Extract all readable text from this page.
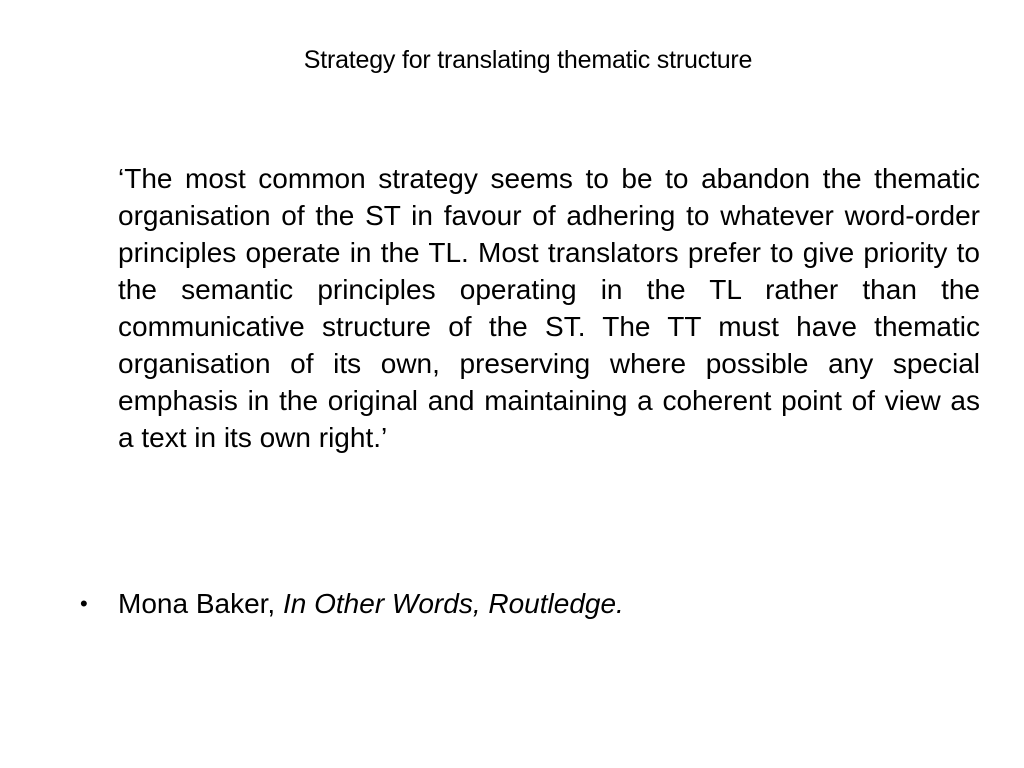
Strategy for translating thematic structure

‘The most common strategy seems to be to abandon the thematic organisation of the ST in favour of adhering to whatever word-order principles operate in the TL. Most translators prefer to give priority to the semantic principles operating in the TL rather than the communicative structure of the ST. The TT must have thematic organisation of its own, preserving where possible any special emphasis in the original and maintaining a coherent point of view as a text in its own right.’

• Mona Baker, In Other Words, Routledge.
